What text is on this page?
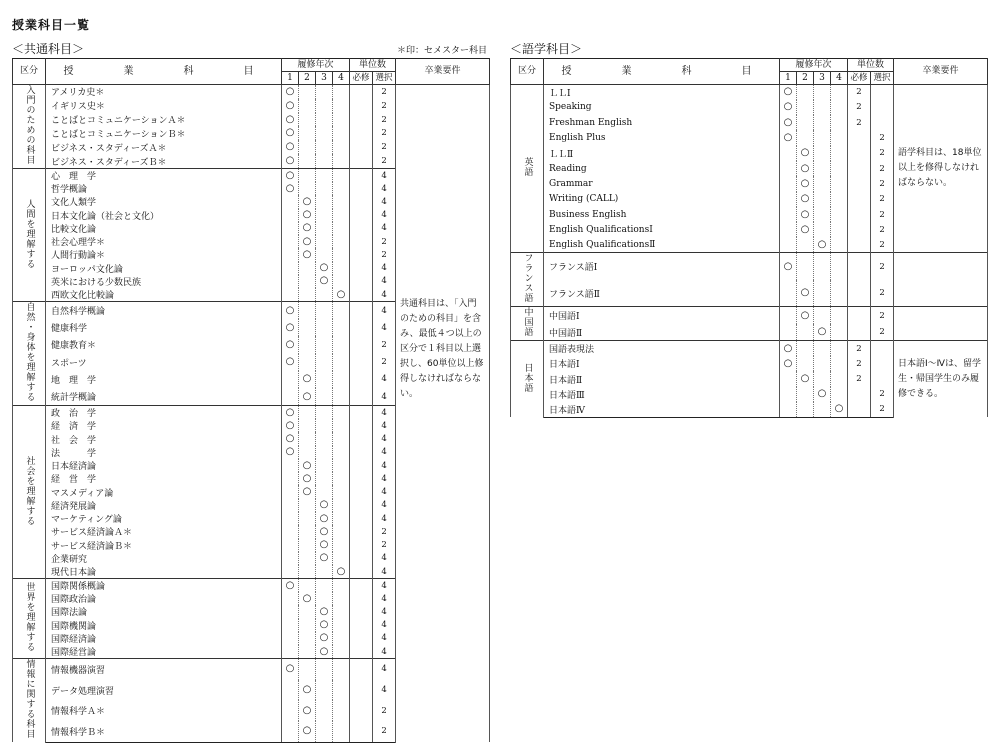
授業科目一覧
＜共通科目＞	＊印：セメスター科目
区分	授　　業　　科　　目	履修年次				単位数		卒業要件
		1	2	3	4	必修	選択	
入門のための科目	アメリカ史＊	○					2	共通科目は、「入門のための科目」を含み、最低４つ以上の区分で１科目以上選択し、60単位以上修得しなければならない。
	イギリス史＊	○					2	
	ことばとコミュニケーションＡ＊	○					2	
	ことばとコミュニケーションＢ＊	○					2	
	ビジネス・スタディーズＡ＊	○					2	
	ビジネス・スタディーズＢ＊	○					2	
人間を理解する	心　理　学	○					4	
	哲学概論	○					4	
	文化人類学		○				4	
	日本文化論（社会と文化）		○				4	
	比較文化論		○				4	
	社会心理学＊		○				2	
	人間行動論＊		○				2	
	ヨーロッパ文化論			○			4	
	英米における少数民族			○			4	
	西欧文化比較論				○		4	
自然・身体を理解する	自然科学概論	○					4	
	健康科学	○					4	
	健康教育＊	○					2	
	スポーツ	○					2	
	地　理　学		○				4	
	統計学概論		○				4	
社会を理解する	政　治　学	○					4	
	経　済　学	○					4	
	社　会　学	○					4	
	法　　　学	○					4	
	日本経済論		○				4	
	経　営　学		○				4	
	マスメディア論		○				4	
	経済発展論			○			4	
	マーケティング論			○			4	
	サービス経済論Ａ＊			○			2	
	サービス経済論Ｂ＊			○			2	
	企業研究			○			4	
	現代日本論				○		4	
世界を理解する	国際関係概論	○					4	
	国際政治論		○				4	
	国際法論			○			4	
	国際機関論			○			4	
	国際経済論			○			4	
	国際経営論			○			4	
情報に関する科目	情報機器演習	○					4	
	データ処理演習		○				4	
	情報科学Ａ＊		○				2	
	情報科学Ｂ＊		○				2	
＜語学科目＞
区分	授　　業　　科　　目	履修年次				単位数		卒業要件
		1	2	3	4	必修	選択	
英語	ＬＬⅠ	○				2		語学科目は、18単位以上を修得しなければならない。
	Speaking	○				2		
	Freshman English	○				2		
	English Plus	○					2	
	ＬＬⅡ		○				2	
	Reading		○				2	
	Grammar		○				2	
	Writing (CALL)		○				2	
	Business English		○				2	
	English QualificationsⅠ		○				2	
	English QualificationsⅡ			○			2	
フランス語	フランス語Ⅰ	○					2	
	フランス語Ⅱ		○				2	
中国語	中国語Ⅰ		○				2	
	中国語Ⅱ			○			2	
日本語	国語表現法	○				2		日本語Ⅰ～Ⅳは、留学生・帰国学生のみ履修できる。
	日本語Ⅰ	○				2		
	日本語Ⅱ		○			2		
	日本語Ⅲ			○			2	
	日本語Ⅳ				○		2	
